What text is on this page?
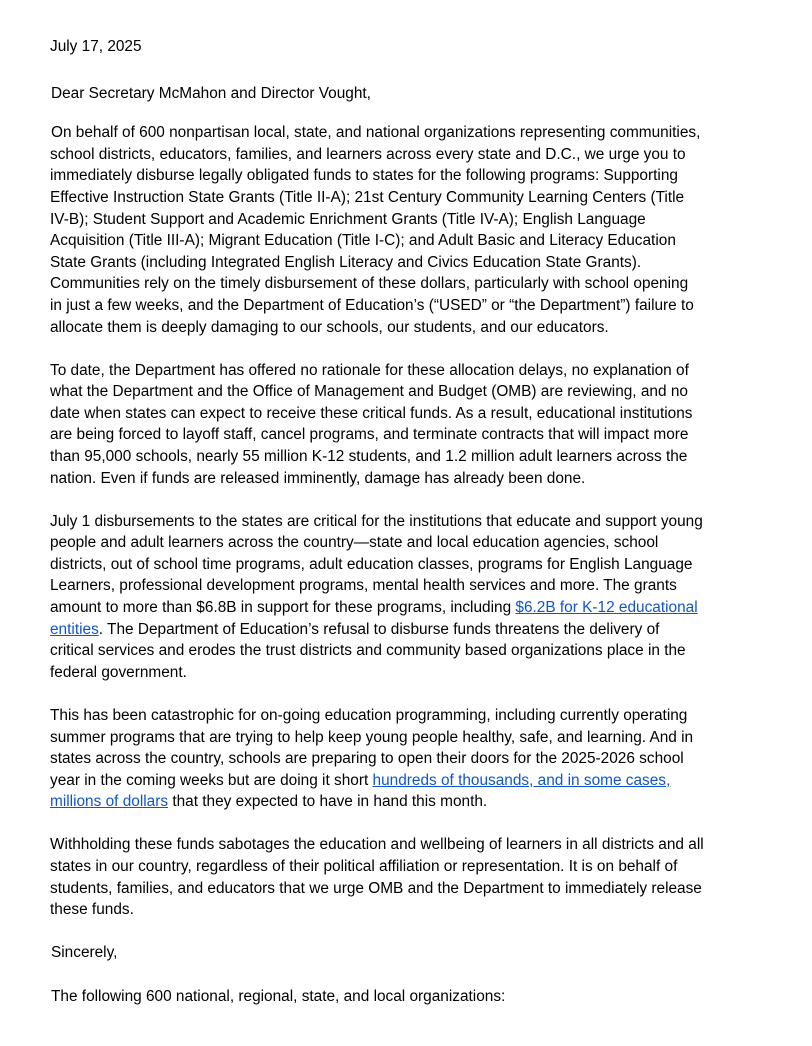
July 17, 2025
Dear Secretary McMahon and Director Vought,
On behalf of 600 nonpartisan local, state, and national organizations representing communities,
school districts, educators, families, and learners across every state and D.C., we urge you to
immediately disburse legally obligated funds to states for the following programs: Supporting
Effective Instruction State Grants (Title II-A); 21st Century Community Learning Centers (Title
IV-B); Student Support and Academic Enrichment Grants (Title IV-A); English Language
Acquisition (Title III-A); Migrant Education (Title I-C); and Adult Basic and Literacy Education
State Grants (including Integrated English Literacy and Civics Education State Grants).
Communities rely on the timely disbursement of these dollars, particularly with school opening
in just a few weeks, and the Department of Education’s (“USED” or “the Department”) failure to
allocate them is deeply damaging to our schools, our students, and our educators.
To date, the Department has offered no rationale for these allocation delays, no explanation of
what the Department and the Office of Management and Budget (OMB) are reviewing, and no
date when states can expect to receive these critical funds. As a result, educational institutions
are being forced to layoff staff, cancel programs, and terminate contracts that will impact more
than 95,000 schools, nearly 55 million K-12 students, and 1.2 million adult learners across the
nation. Even if funds are released imminently, damage has already been done.
July 1 disbursements to the states are critical for the institutions that educate and support young
people and adult learners across the country—state and local education agencies, school
districts, out of school time programs, adult education classes, programs for English Language
Learners, professional development programs, mental health services and more. The grants
amount to more than $6.8B in support for these programs, including $6.2B for K-12 educational
entities. The Department of Education’s refusal to disburse funds threatens the delivery of
critical services and erodes the trust districts and community based organizations place in the
federal government.
This has been catastrophic for on-going education programming, including currently operating
summer programs that are trying to help keep young people healthy, safe, and learning. And in
states across the country, schools are preparing to open their doors for the 2025-2026 school
year in the coming weeks but are doing it short hundreds of thousands, and in some cases,
millions of dollars that they expected to have in hand this month.
Withholding these funds sabotages the education and wellbeing of learners in all districts and all
states in our country, regardless of their political affiliation or representation. It is on behalf of
students, families, and educators that we urge OMB and the Department to immediately release
these funds.
Sincerely,
The following 600 national, regional, state, and local organizations:
